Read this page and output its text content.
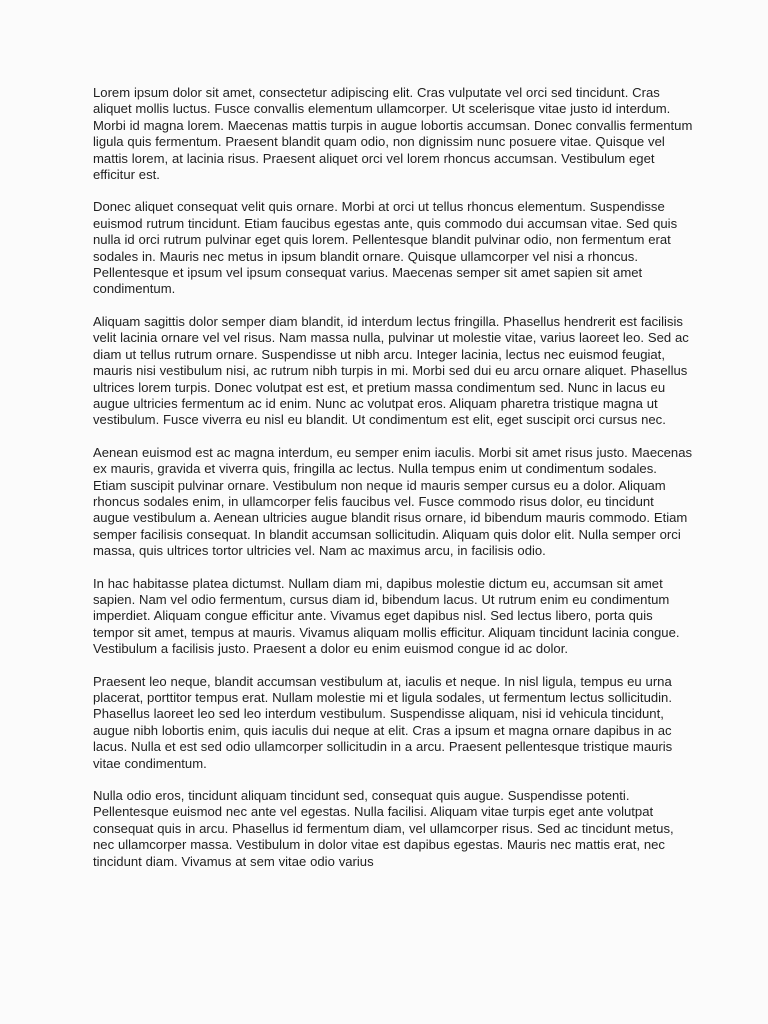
Lorem ipsum dolor sit amet, consectetur adipiscing elit. Cras vulputate vel orci sed tincidunt. Cras aliquet mollis luctus. Fusce convallis elementum ullamcorper. Ut scelerisque vitae justo id interdum. Morbi id magna lorem. Maecenas mattis turpis in augue lobortis accumsan. Donec convallis fermentum ligula quis fermentum. Praesent blandit quam odio, non dignissim nunc posuere vitae. Quisque vel mattis lorem, at lacinia risus. Praesent aliquet orci vel lorem rhoncus accumsan. Vestibulum eget efficitur est.

Donec aliquet consequat velit quis ornare. Morbi at orci ut tellus rhoncus elementum. Suspendisse euismod rutrum tincidunt. Etiam faucibus egestas ante, quis commodo dui accumsan vitae. Sed quis nulla id orci rutrum pulvinar eget quis lorem. Pellentesque blandit pulvinar odio, non fermentum erat sodales in. Mauris nec metus in ipsum blandit ornare. Quisque ullamcorper vel nisi a rhoncus. Pellentesque et ipsum vel ipsum consequat varius. Maecenas semper sit amet sapien sit amet condimentum.

Aliquam sagittis dolor semper diam blandit, id interdum lectus fringilla. Phasellus hendrerit est facilisis velit lacinia ornare vel vel risus. Nam massa nulla, pulvinar ut molestie vitae, varius laoreet leo. Sed ac diam ut tellus rutrum ornare. Suspendisse ut nibh arcu. Integer lacinia, lectus nec euismod feugiat, mauris nisi vestibulum nisi, ac rutrum nibh turpis in mi. Morbi sed dui eu arcu ornare aliquet. Phasellus ultrices lorem turpis. Donec volutpat est est, et pretium massa condimentum sed. Nunc in lacus eu augue ultricies fermentum ac id enim. Nunc ac volutpat eros. Aliquam pharetra tristique magna ut vestibulum. Fusce viverra eu nisl eu blandit. Ut condimentum est elit, eget suscipit orci cursus nec.

Aenean euismod est ac magna interdum, eu semper enim iaculis. Morbi sit amet risus justo. Maecenas ex mauris, gravida et viverra quis, fringilla ac lectus. Nulla tempus enim ut condimentum sodales. Etiam suscipit pulvinar ornare. Vestibulum non neque id mauris semper cursus eu a dolor. Aliquam rhoncus sodales enim, in ullamcorper felis faucibus vel. Fusce commodo risus dolor, eu tincidunt augue vestibulum a. Aenean ultricies augue blandit risus ornare, id bibendum mauris commodo. Etiam semper facilisis consequat. In blandit accumsan sollicitudin. Aliquam quis dolor elit. Nulla semper orci massa, quis ultrices tortor ultricies vel. Nam ac maximus arcu, in facilisis odio.

In hac habitasse platea dictumst. Nullam diam mi, dapibus molestie dictum eu, accumsan sit amet sapien. Nam vel odio fermentum, cursus diam id, bibendum lacus. Ut rutrum enim eu condimentum imperdiet. Aliquam congue efficitur ante. Vivamus eget dapibus nisl. Sed lectus libero, porta quis tempor sit amet, tempus at mauris. Vivamus aliquam mollis efficitur. Aliquam tincidunt lacinia congue. Vestibulum a facilisis justo. Praesent a dolor eu enim euismod congue id ac dolor.

Praesent leo neque, blandit accumsan vestibulum at, iaculis et neque. In nisl ligula, tempus eu urna placerat, porttitor tempus erat. Nullam molestie mi et ligula sodales, ut fermentum lectus sollicitudin. Phasellus laoreet leo sed leo interdum vestibulum. Suspendisse aliquam, nisi id vehicula tincidunt, augue nibh lobortis enim, quis iaculis dui neque at elit. Cras a ipsum et magna ornare dapibus in ac lacus. Nulla et est sed odio ullamcorper sollicitudin in a arcu. Praesent pellentesque tristique mauris vitae condimentum.

Nulla odio eros, tincidunt aliquam tincidunt sed, consequat quis augue. Suspendisse potenti. Pellentesque euismod nec ante vel egestas. Nulla facilisi. Aliquam vitae turpis eget ante volutpat consequat quis in arcu. Phasellus id fermentum diam, vel ullamcorper risus. Sed ac tincidunt metus, nec ullamcorper massa. Vestibulum in dolor vitae est dapibus egestas. Mauris nec mattis erat, nec tincidunt diam. Vivamus at sem vitae odio varius
